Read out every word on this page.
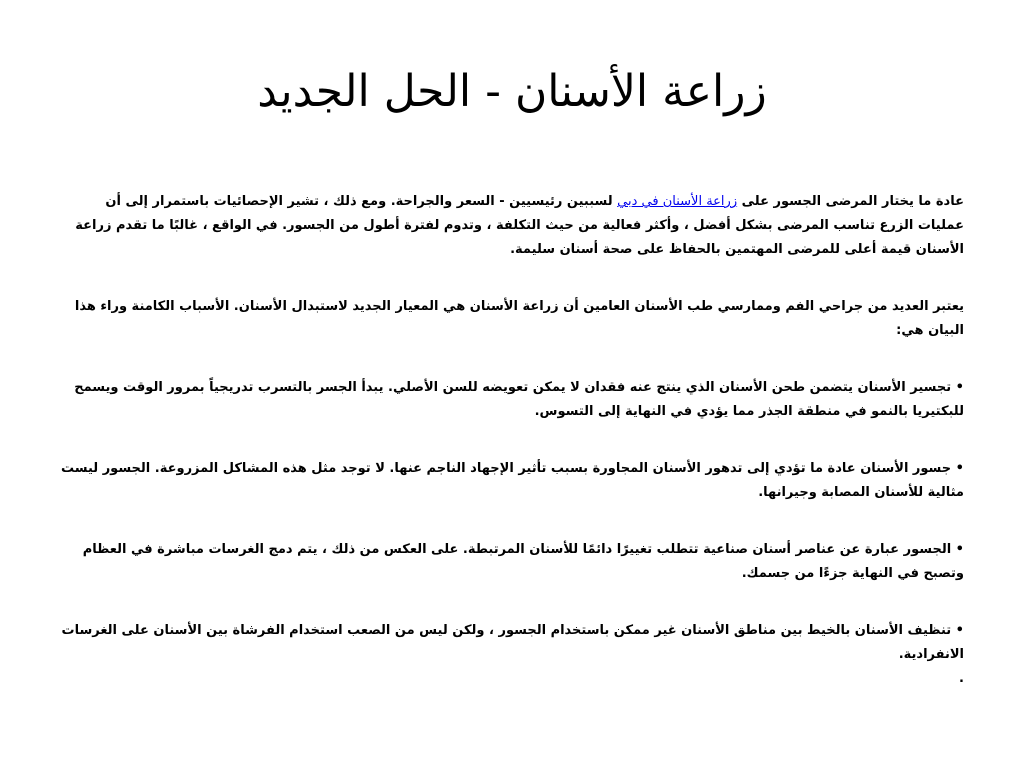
زراعة الأسنان - الحل الجديد

عادة ما يختار المرضى الجسور على زراعة الأسنان في دبي لسببين رئيسيين - السعر والجراحة. ومع ذلك ، تشير الإحصائيات باستمرار إلى أن عمليات الزرع تناسب المرضى بشكل أفضل ، وأكثر فعالية من حيث التكلفة ، وتدوم لفترة أطول من الجسور. في الواقع ، غالبًا ما تقدم زراعة الأسنان قيمة أعلى للمرضى المهتمين بالحفاظ على صحة أسنان سليمة.

يعتبر العديد من جراحي الفم وممارسي طب الأسنان العامين أن زراعة الأسنان هي المعيار الجديد لاستبدال الأسنان. الأسباب الكامنة وراء هذا البيان هي:

• تجسير الأسنان يتضمن طحن الأسنان الذي ينتج عنه فقدان لا يمكن تعويضه للسن الأصلي. يبدأ الجسر بالتسرب تدريجياً بمرور الوقت ويسمح للبكتيريا بالنمو في منطقة الجذر مما يؤدي في النهاية إلى التسوس.

• جسور الأسنان عادة ما تؤدي إلى تدهور الأسنان المجاورة بسبب تأثير الإجهاد الناجم عنها. لا توجد مثل هذه المشاكل المزروعة. الجسور ليست مثالية للأسنان المصابة وجيرانها.

• الجسور عبارة عن عناصر أسنان صناعية تتطلب تغييرًا دائمًا للأسنان المرتبطة. على العكس من ذلك ، يتم دمج الغرسات مباشرة في العظام وتصبح في النهاية جزءًا من جسمك.

• تنظيف الأسنان بالخيط بين مناطق الأسنان غير ممكن باستخدام الجسور ، ولكن ليس من الصعب استخدام الفرشاة بين الأسنان على الغرسات الانفرادية.

.
